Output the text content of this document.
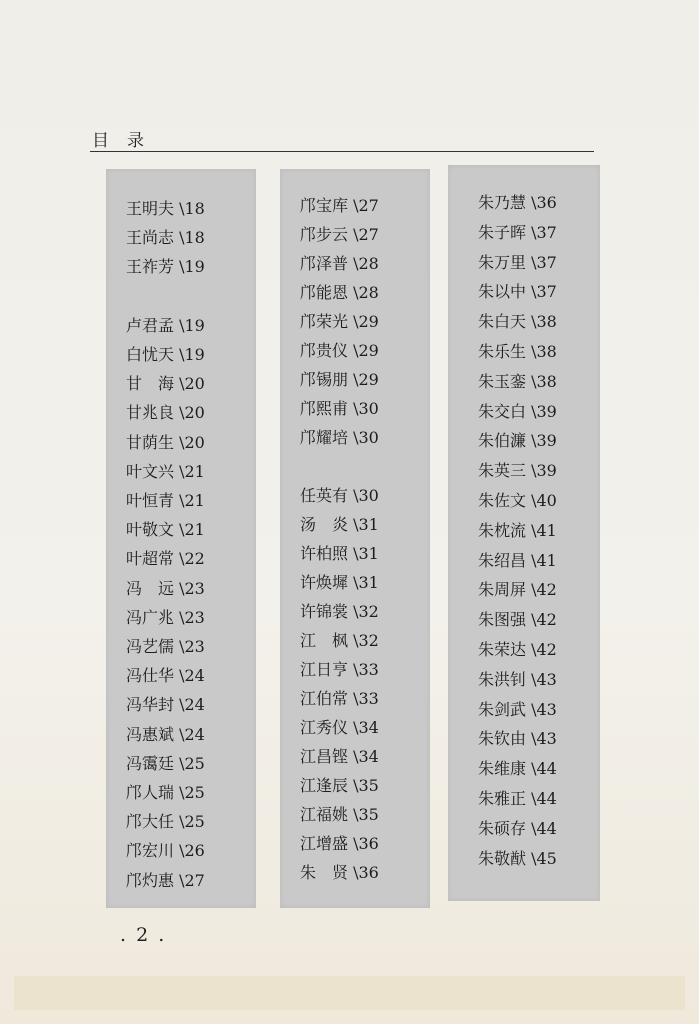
目录
王明夫 \18
王尚志 \18
王祚芳 \19
卢君孟 \19
白忧天 \19
甘　海 \20
甘兆良 \20
甘荫生 \20
叶文兴 \21
叶恒青 \21
叶敬文 \21
叶超常 \22
冯　远 \23
冯广兆 \23
冯艺儒 \23
冯仕华 \24
冯华封 \24
冯惠斌 \24
冯霭廷 \25
邝人瑞 \25
邝大任 \25
邝宏川 \26
邝灼惠 \27
邝宝库 \27
邝步云 \27
邝泽普 \28
邝能恩 \28
邝荣光 \29
邝贵仪 \29
邝锡朋 \29
邝熙甫 \30
邝耀培 \30
任英有 \30
汤　炎 \31
许柏照 \31
许焕墀 \31
许锦裳 \32
江　枫 \32
江日亨 \33
江伯常 \33
江秀仪 \34
江昌铿 \34
江逢辰 \35
江福姚 \35
江增盛 \36
朱　贤 \36
朱乃慧 \36
朱子晖 \37
朱万里 \37
朱以中 \37
朱白天 \38
朱乐生 \38
朱玉銮 \38
朱交白 \39
朱伯濂 \39
朱英三 \39
朱佐文 \40
朱枕流 \41
朱绍昌 \41
朱周屏 \42
朱图强 \42
朱荣达 \42
朱洪钊 \43
朱剑武 \43
朱钦由 \43
朱维康 \44
朱雅正 \44
朱硕存 \44
朱敬猷 \45
. 2 .
